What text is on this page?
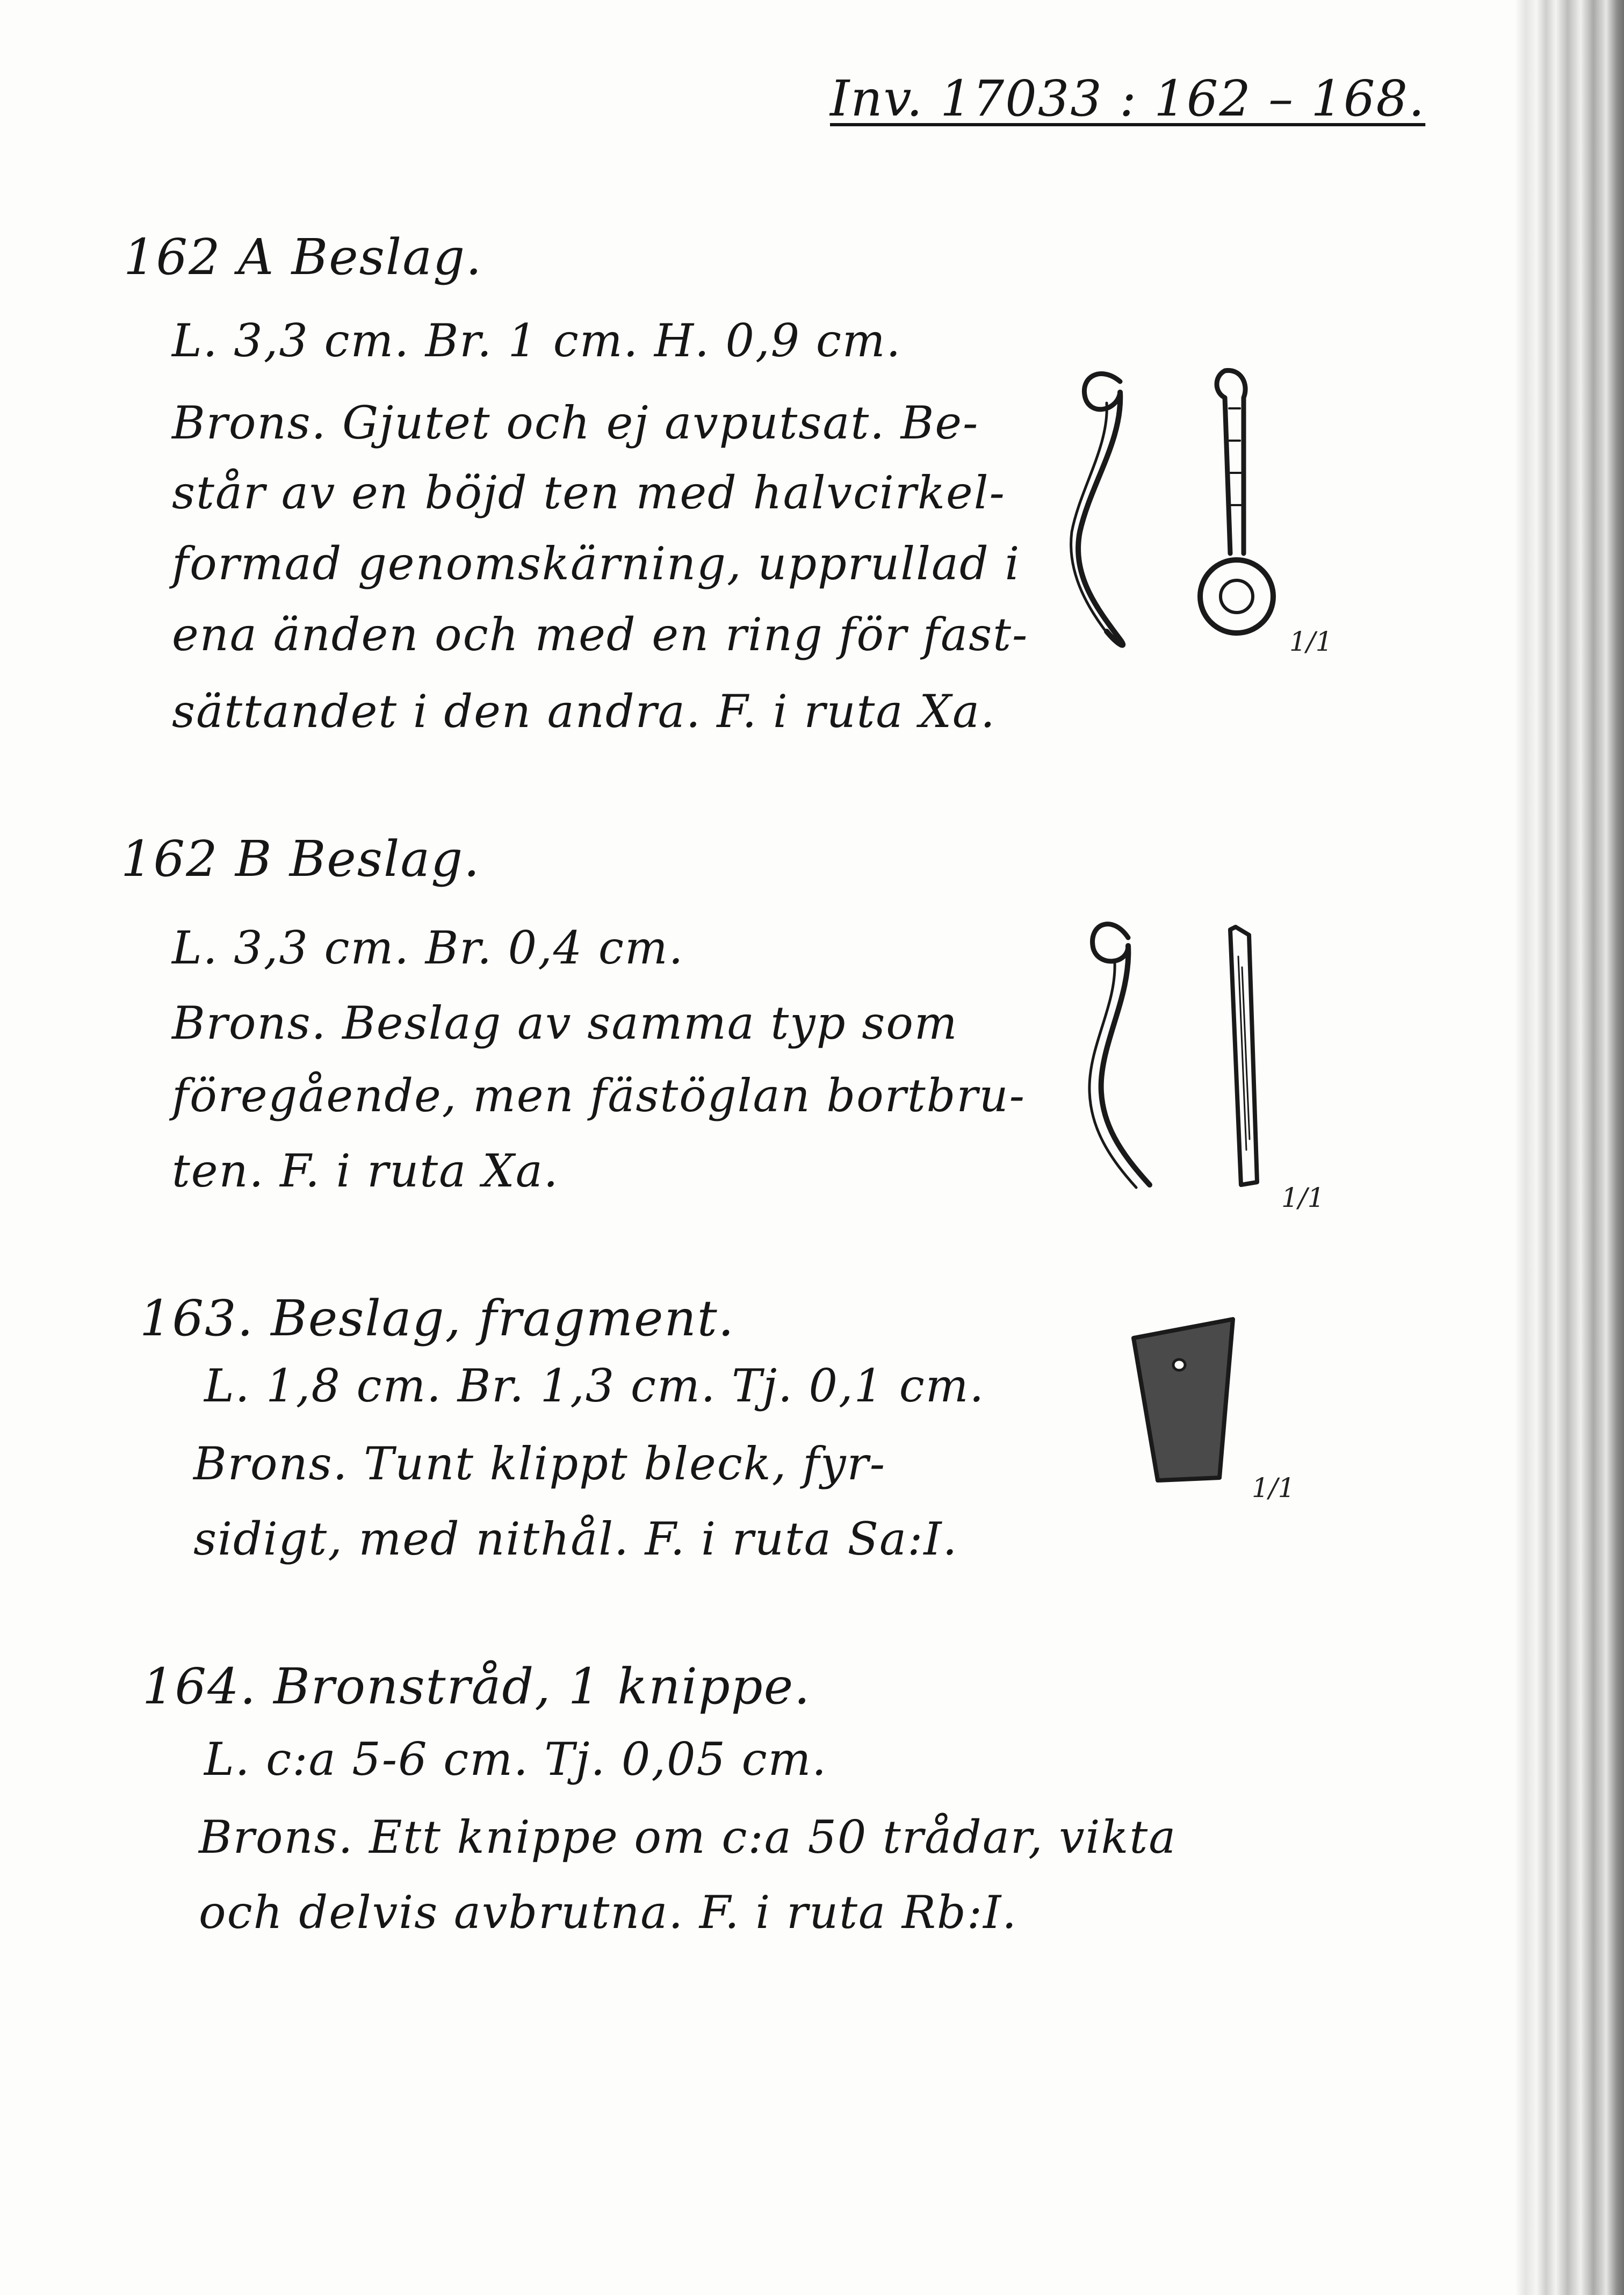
Inv. 17033 : 162 – 168.
162 A Beslag.
L. 3,3 cm. Br. 1 cm. H. 0,9 cm.
Brons. Gjutet och ej avputsat. Be-
står av en böjd ten med halvcirkel-
formad genomskärning, upprullad i
ena änden och med en ring för fast-
sättandet i den andra. F. i ruta Xa.
1/1
162 B Beslag.
L. 3,3 cm. Br. 0,4 cm.
Brons. Beslag av samma typ som
föregående, men fästöglan bortbru-
ten. F. i ruta Xa.
1/1
163. Beslag, fragment.
L. 1,8 cm. Br. 1,3 cm. Tj. 0,1 cm.
Brons. Tunt klippt bleck, fyr-
sidigt, med nithål. F. i ruta Sa:I.
1/1
164. Bronstråd, 1 knippe.
L. c:a 5-6 cm. Tj. 0,05 cm.
Brons. Ett knippe om c:a 50 trådar, vikta
och delvis avbrutna. F. i ruta Rb:I.
